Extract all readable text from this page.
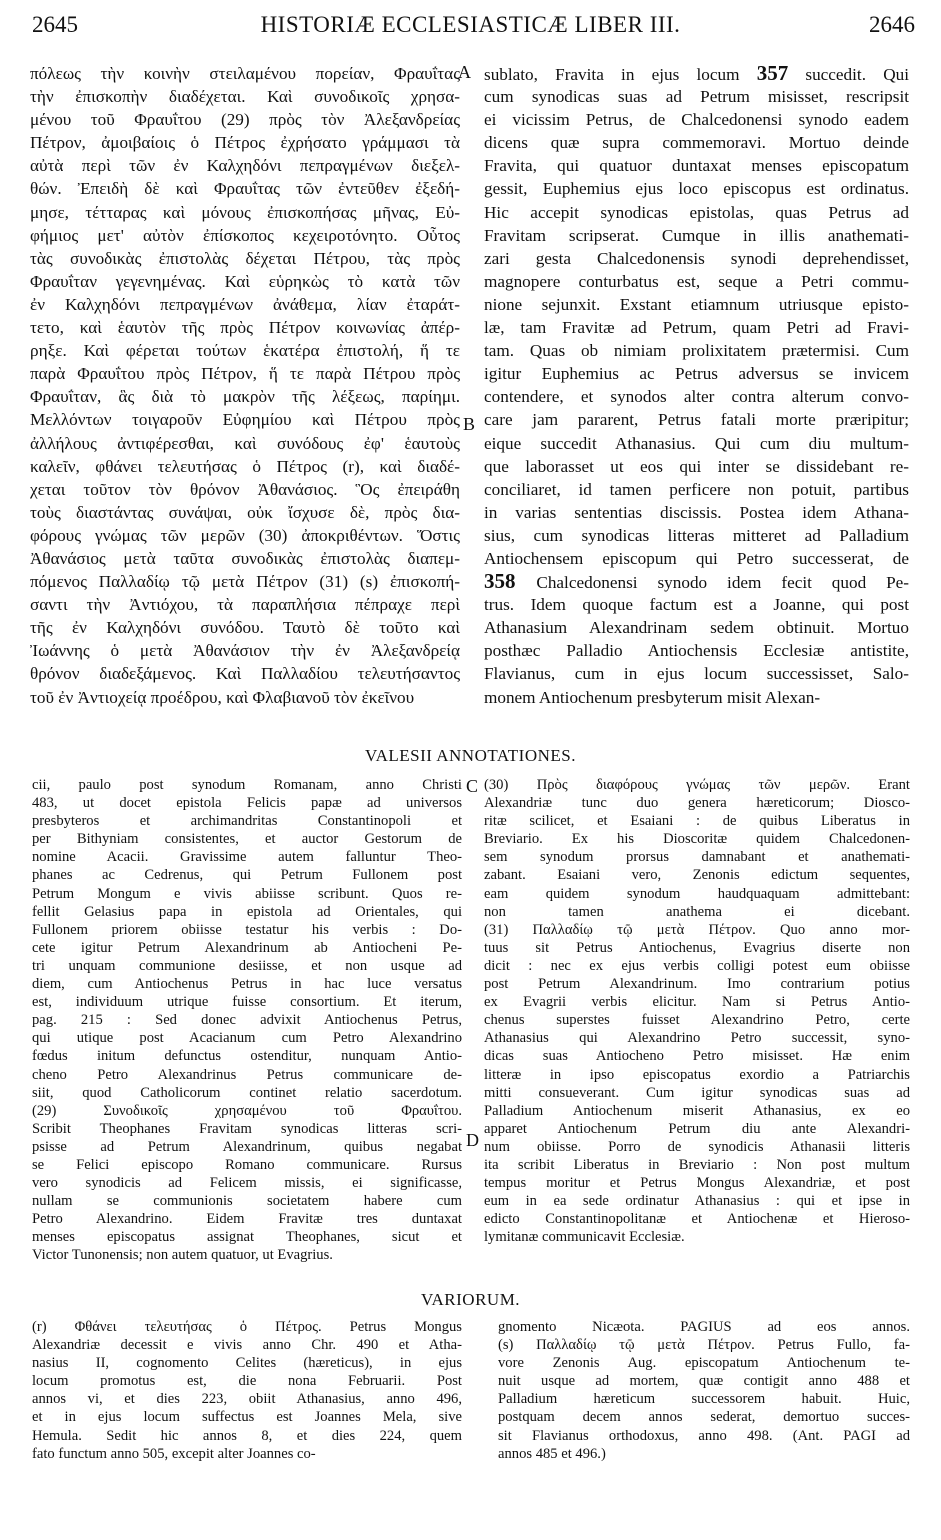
2645	HISTORIÆ ECCLESIASTICÆ LIBER III.	2646
πόλεως τὴν κοινὴν στειλαμένου πορείαν, Φραυΐτας
τὴν ἐπισκοπὴν διαδέχεται. Καὶ συνοδικοῖς χρησα-
μένου τοῦ Φραυΐτου (29) πρὸς τὸν Ἀλεξανδρείας
Πέτρον, ἀμοιβαίοις ὁ Πέτρος ἐχρήσατο γράμμασι τὰ
αὐτὰ περὶ τῶν ἐν Καλχηδόνι πεπραγμένων διεξελ-
θών. Ἐπειδὴ δὲ καὶ Φραυΐτας τῶν ἐντεῦθεν ἐξεδή-
μησε, τέτταρας καὶ μόνους ἐπισκοπήσας μῆνας, Εὐ-
φήμιος μετ' αὐτὸν ἐπίσκοπος κεχειροτόνητο. Οὗτος
τὰς συνοδικὰς ἐπιστολὰς δέχεται Πέτρου, τὰς πρὸς
Φραυΐταν γεγενημένας. Καὶ εὑρηκὼς τὸ κατὰ τῶν
ἐν Καλχηδόνι πεπραγμένων ἀνάθεμα, λίαν ἐταράτ-
τετο, καὶ ἑαυτὸν τῆς πρὸς Πέτρον κοινωνίας ἀπέρ-
ρηξε. Καὶ φέρεται τούτων ἑκατέρα ἐπιστολή, ἥ τε
παρὰ Φραυΐτου πρὸς Πέτρον, ἥ τε παρὰ Πέτρου πρὸς
Φραυΐταν, ἃς διὰ τὸ μακρὸν τῆς λέξεως, παρίημι.
Μελλόντων τοιγαροῦν Εὐφημίου καὶ Πέτρου πρὸς
ἀλλήλους ἀντιφέρεσθαι, καὶ συνόδους ἐφ' ἑαυτοὺς
καλεῖν, φθάνει τελευτήσας ὁ Πέτρος (r), καὶ διαδέ-
χεται τοῦτον τὸν θρόνον Ἀθανάσιος. Ὃς ἐπειράθη
τοὺς διαστάντας συνάψαι, οὐκ ἴσχυσε δὲ, πρὸς δια-
φόρους γνώμας τῶν μερῶν (30) ἀποκριθέντων. Ὅστις
Ἀθανάσιος μετὰ ταῦτα συνοδικὰς ἐπιστολὰς διαπεμ-
πόμενος Παλλαδίῳ τῷ μετὰ Πέτρον (31) (s) ἐπισκοπή-
σαντι τὴν Ἀντιόχου, τὰ παραπλήσια πέπραχε περὶ
τῆς ἐν Καλχηδόνι συνόδου. Ταυτὸ δὲ τοῦτο καὶ
Ἰωάννης ὁ μετὰ Ἀθανάσιον τὴν ἐν Ἀλεξανδρείᾳ
θρόνον διαδεξάμενος. Καὶ Παλλαδίου τελευτήσαντος
τοῦ ἐν Ἀντιοχείᾳ προέδρου, καὶ Φλαβιανοῦ τὸν ἐκεῖνου
sublato, Fravita in ejus locum 357 succedit. Qui
cum synodicas suas ad Petrum misisset, rescripsit
ei vicissim Petrus, de Chalcedonensi synodo eadem
dicens quæ supra commemoravi. Mortuo deinde
Fravita, qui quatuor duntaxat menses episcopatum
gessit, Euphemius ejus loco episcopus est ordinatus.
Hic accepit synodicas epistolas, quas Petrus ad
Fravitam scripserat. Cumque in illis anathemati-
zari gesta Chalcedonensis synodi deprehendisset,
magnopere conturbatus est, seque a Petri commu-
nione sejunxit. Exstant etiamnum utriusque episto-
læ, tam Fravitæ ad Petrum, quam Petri ad Fravi-
tam. Quas ob nimiam prolixitatem prætermisi. Cum
igitur Euphemius ac Petrus adversus se invicem
contendere, et synodos alter contra alterum convo-
care jam pararent, Petrus fatali morte præripitur;
eique succedit Athanasius. Qui cum diu multum-
que laborasset ut eos qui inter se dissidebant re-
conciliaret, id tamen perficere non potuit, partibus
in varias sententias discissis. Postea idem Athana-
sius, cum synodicas litteras mitteret ad Palladium
Antiochensem episcopum qui Petro successerat, de
358 Chalcedonensi synodo idem fecit quod Pe-
trus. Idem quoque factum est a Joanne, qui post
Athanasium Alexandrinam sedem obtinuit. Mortuo
posthæc Palladio Antiochensis Ecclesiæ antistite,
Flavianus, cum in ejus locum successisset, Salo-
monem Antiochenum presbyterum misit Alexan-
A
B
C
D
VALESII ANNOTATIONES.
VARIORUM.
cii, paulo post synodum Romanam, anno Christi
483, ut docet epistola Felicis papæ ad universos
presbyteros et archimandritas Constantinopoli et
per Bithyniam consistentes, et auctor Gestorum de
nomine Acacii. Gravissime autem falluntur Theo-
phanes ac Cedrenus, qui Petrum Fullonem post
Petrum Mongum e vivis abiisse scribunt. Quos re-
fellit Gelasius papa in epistola ad Orientales, qui
Fullonem priorem obiisse testatur his verbis : Do-
cete igitur Petrum Alexandrinum ab Antiocheni Pe-
tri unquam communione desiisse, et non usque ad
diem, cum Antiochenus Petrus in hac luce versatus
est, individuum utrique fuisse consortium. Et iterum,
pag. 215 : Sed donec advixit Antiochenus Petrus,
qui utique post Acacianum cum Petro Alexandrino
fœdus initum defunctus ostenditur, nunquam Antio-
cheno Petro Alexandrinus Petrus communicare de-
siit, quod Catholicorum continet relatio sacerdotum.
(29) Συνοδικοῖς χρησαμένου τοῦ Φραυΐτου.
Scribit Theophanes Fravitam synodicas litteras scri-
psisse ad Petrum Alexandrinum, quibus negabat
se Felici episcopo Romano communicare. Rursus
vero synodicis ad Felicem missis, ei significasse,
nullam se communionis societatem habere cum
Petro Alexandrino. Eidem Fravitæ tres duntaxat
menses episcopatus assignat Theophanes, sicut et
Victor Tunonensis; non autem quatuor, ut Evagrius.
(30) Πρὸς διαφόρους γνώμας τῶν μερῶν. Erant
Alexandriæ tunc duo genera hæreticorum; Diosco-
ritæ scilicet, et Esaiani : de quibus Liberatus in
Breviario. Ex his Dioscoritæ quidem Chalcedonen-
sem synodum prorsus damnabant et anathemati-
zabant. Esaiani vero, Zenonis edictum sequentes,
eam quidem synodum haudquaquam admittebant:
non tamen anathema ei dicebant.
(31) Παλλαδίῳ τῷ μετὰ Πέτρον. Quo anno mor-
tuus sit Petrus Antiochenus, Evagrius diserte non
dicit : nec ex ejus verbis colligi potest eum obiisse
post Petrum Alexandrinum. Imo contrarium potius
ex Evagrii verbis elicitur. Nam si Petrus Antio-
chenus superstes fuisset Alexandrino Petro, certe
Athanasius qui Alexandrino Petro successit, syno-
dicas suas Antiocheno Petro misisset. Hæ enim
litteræ in ipso episcopatus exordio a Patriarchis
mitti consueverant. Cum igitur synodicas suas ad
Palladium Antiochenum miserit Athanasius, ex eo
apparet Antiochenum Petrum diu ante Alexandri-
num obiisse. Porro de synodicis Athanasii litteris
ita scribit Liberatus in Breviario : Non post multum
tempus moritur et Petrus Mongus Alexandriæ, et post
eum in ea sede ordinatur Athanasius : qui et ipse in
edicto Constantinopolitanæ et Antiochenæ et Hieroso-
lymitanæ communicavit Ecclesiæ.
(r) Φθάνει τελευτήσας ὁ Πέτρος. Petrus Mongus
Alexandriæ decessit e vivis anno Chr. 490 et Atha-
nasius II, cognomento Celites (hæreticus), in ejus
locum promotus est, die nona Februarii. Post
annos vi, et dies 223, obiit Athanasius, anno 496,
et in ejus locum suffectus est Joannes Mela, sive
Hemula. Sedit hic annos 8, et dies 224, quem
fato functum anno 505, excepit alter Joannes co-
gnomento Nicæota. PAGIUS ad eos annos.
(s) Παλλαδίῳ τῷ μετὰ Πέτρον. Petrus Fullo, fa-
vore Zenonis Aug. episcopatum Antiochenum te-
nuit usque ad mortem, quæ contigit anno 488 et
Palladium hæreticum successorem habuit. Huic,
postquam decem annos sederat, demortuo succes-
sit Flavianus orthodoxus, anno 498. (Ant. PAGI ad
annos 485 et 496.)
